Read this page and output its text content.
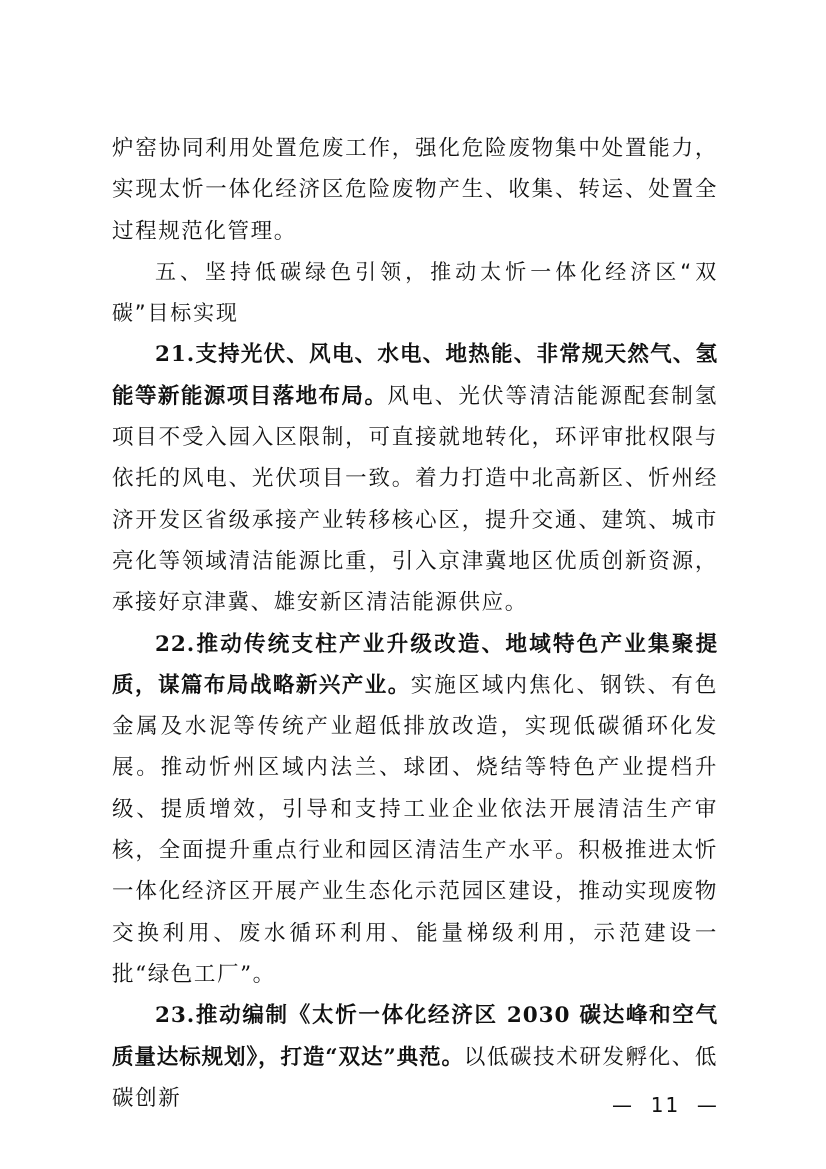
炉窑协同利用处置危废工作，强化危险废物集中处置能力，实现太忻一体化经济区危险废物产生、收集、转运、处置全过程规范化管理。

五、坚持低碳绿色引领，推动太忻一体化经济区“双碳”目标实现

21.支持光伏、风电、水电、地热能、非常规天然气、氢能等新能源项目落地布局。风电、光伏等清洁能源配套制氢项目不受入园入区限制，可直接就地转化，环评审批权限与依托的风电、光伏项目一致。着力打造中北高新区、忻州经济开发区省级承接产业转移核心区，提升交通、建筑、城市亮化等领域清洁能源比重，引入京津冀地区优质创新资源，承接好京津冀、雄安新区清洁能源供应。

22.推动传统支柱产业升级改造、地域特色产业集聚提质，谋篇布局战略新兴产业。实施区域内焦化、钢铁、有色金属及水泥等传统产业超低排放改造，实现低碳循环化发展。推动忻州区域内法兰、球团、烧结等特色产业提档升级、提质增效，引导和支持工业企业依法开展清洁生产审核，全面提升重点行业和园区清洁生产水平。积极推进太忻一体化经济区开展产业生态化示范园区建设，推动实现废物交换利用、废水循环利用、能量梯级利用，示范建设一批“绿色工厂”。

23.推动编制《太忻一体化经济区 2030 碳达峰和空气质量达标规划》，打造“双达”典范。以低碳技术研发孵化、低碳创新	—  11  —
